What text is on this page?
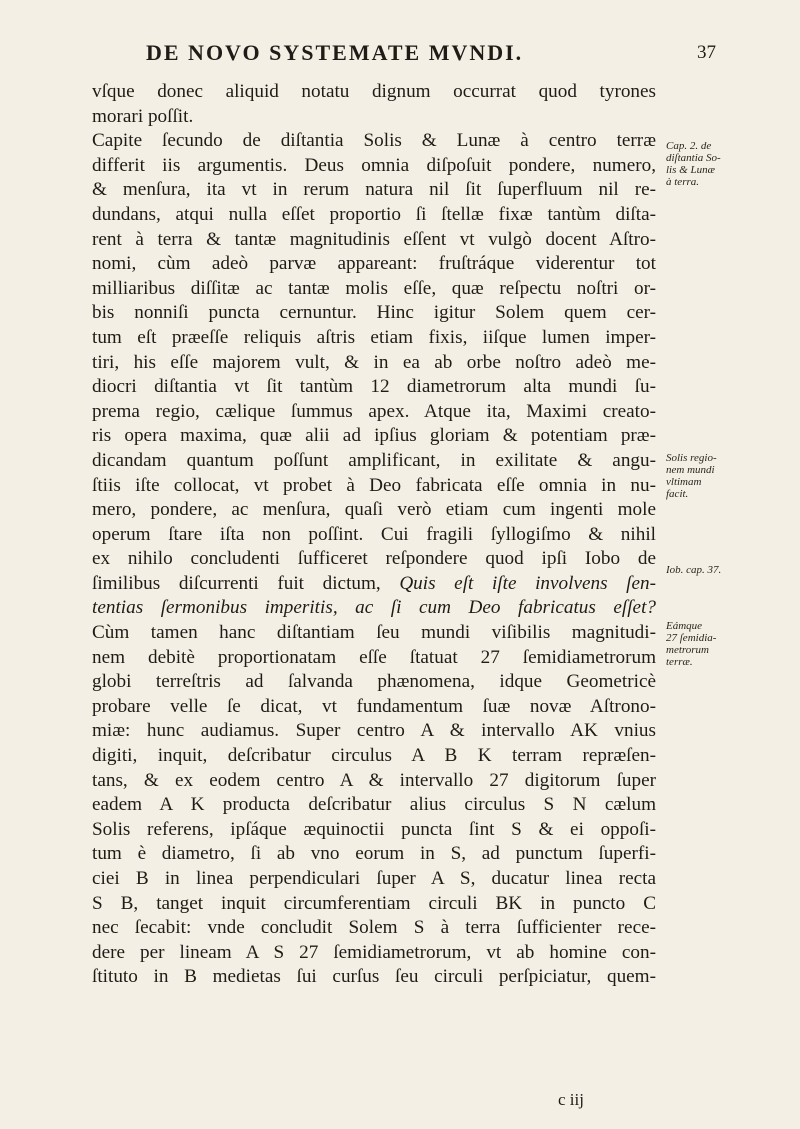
DE NOVO SYSTEMATE MVNDI.	37
vſque donec aliquid notatu dignum occurrat quod tyrones
morari poſſit.
Capite ſecundo de diſtantia Solis & Lunæ à centro terræ
differit iis argumentis. Deus omnia diſpoſuit pondere, numero,
& menſura, ita vt in rerum natura nil ſit ſuperfluum nil re-
dundans, atqui nulla eſſet proportio ſi ſtellæ fixæ tantùm diſta-
rent à terra & tantæ magnitudinis eſſent vt vulgò docent Aſtro-
nomi, cùm adeò parvæ appareant: fruſtráque viderentur tot
milliaribus diſſitæ ac tantæ molis eſſe, quæ reſpectu noſtri or-
bis nonniſi puncta cernuntur. Hinc igitur Solem quem cer-
tum eſt præeſſe reliquis aſtris etiam fixis, iiſque lumen imper-
tiri, his eſſe majorem vult, & in ea ab orbe noſtro adeò me-
diocri diſtantia vt ſit tantùm 12 diametrorum alta mundi ſu-
prema regio, cælique ſummus apex. Atque ita, Maximi creato-
ris opera maxima, quæ alii ad ipſius gloriam & potentiam præ-
dicandam quantum poſſunt amplificant, in exilitate & angu-
ſtiis iſte collocat, vt probet à Deo fabricata eſſe omnia in nu-
mero, pondere, ac menſura, quaſi verò etiam cum ingenti mole
operum ſtare iſta non poſſint. Cui fragili ſyllogiſmo & nihil
ex nihilo concludenti ſufficeret reſpondere quod ipſi Iobo de
ſimilibus diſcurrenti fuit dictum, Quis eſt iſte involvens ſen-
tentias ſermonibus imperitis, ac ſi cum Deo fabricatus eſſet?
Cùm tamen hanc diſtantiam ſeu mundi viſibilis magnitudi-
nem debitè proportionatam eſſe ſtatuat 27 ſemidiametrorum
globi terreſtris ad ſalvanda phænomena, idque Geometricè
probare velle ſe dicat, vt fundamentum ſuæ novæ Aſtrono-
miæ: hunc audiamus. Super centro A & intervallo AK vnius
digiti, inquit, deſcribatur circulus A B K terram repræſen-
tans, & ex eodem centro A & intervallo 27 digitorum ſuper
eadem A K producta deſcribatur alius circulus S N cælum
Solis referens, ipſáque æquinoctii puncta ſint S & ei oppoſi-
tum è diametro, ſi ab vno eorum in S, ad punctum ſuperfi-
ciei B in linea perpendiculari ſuper A S, ducatur linea recta
S B, tanget inquit circumferentiam circuli BK in puncto C
nec ſecabit: vnde concludit Solem S à terra ſufficienter rece-
dere per lineam A S 27 ſemidiametrorum, vt ab homine con-
ſtituto in B medietas ſui curſus ſeu circuli perſpiciatur, quem-
Cap. 2. de
diſtantia So-
lis & Lunæ
à terra.
Solis regio-
nem mundi
vltimam
facit.
Iob. cap. 37.
Eámque
27 ſemidia-
metrorum
terræ.
c iij
